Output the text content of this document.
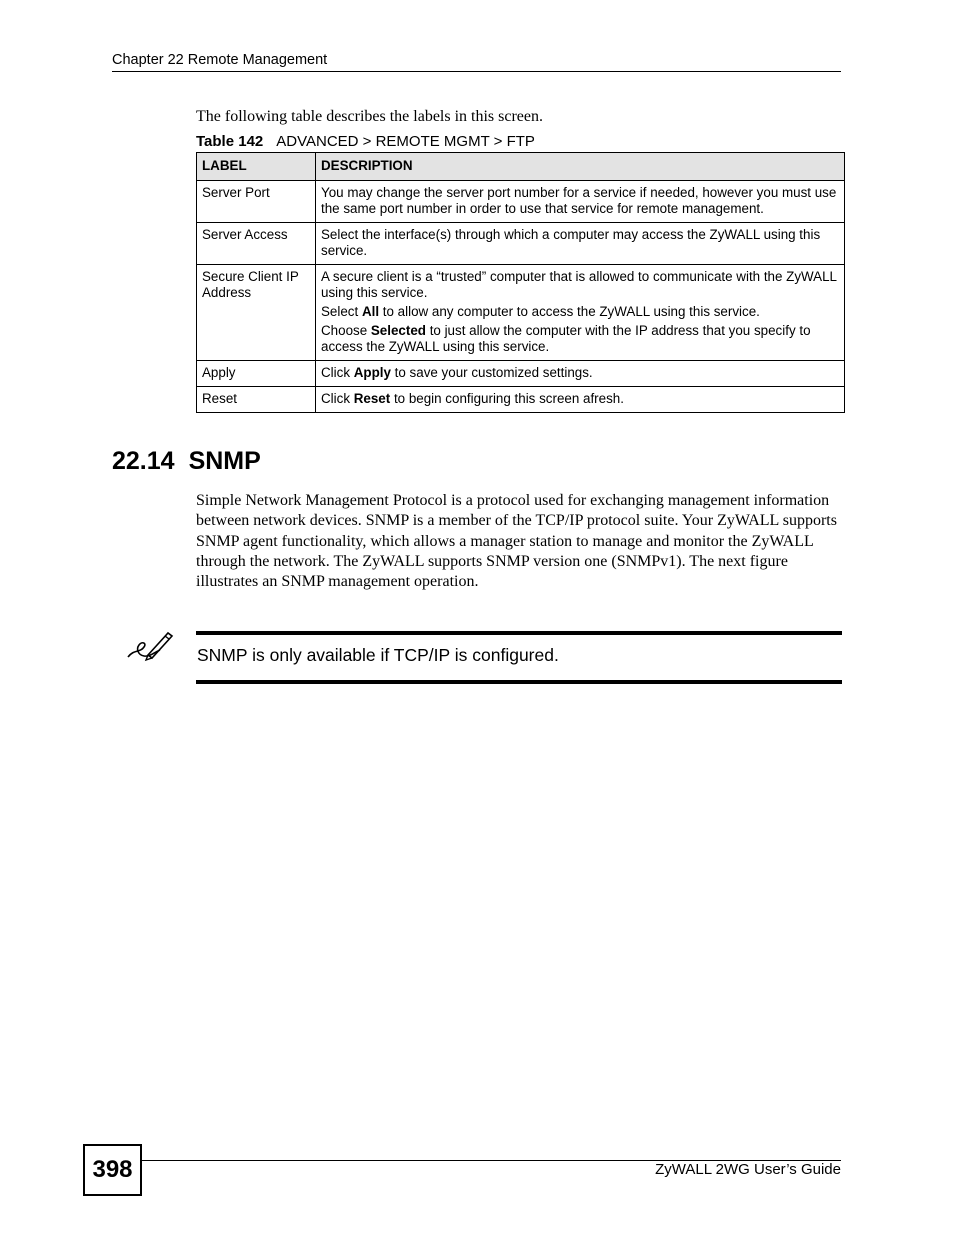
Chapter 22 Remote Management
The following table describes the labels in this screen.
Table 142 ADVANCED > REMOTE MGMT > FTP
LABEL	DESCRIPTION
Server Port	You may change the server port number for a service if needed, however you must use the same port number in order to use that service for remote management.

Server Access	Select the interface(s) through which a computer may access the ZyWALL using this service.

Secure Client IP Address	A secure client is a “trusted” computer that is allowed to communicate with the ZyWALL using this service.
Select All to allow any computer to access the ZyWALL using this service.
Choose Selected to just allow the computer with the IP address that you specify to access the ZyWALL using this service.

Apply	Click Apply to save your customized settings.

Reset	Click Reset to begin configuring this screen afresh.
22.14 SNMP

Simple Network Management Protocol is a protocol used for exchanging management information between network devices. SNMP is a member of the TCP/IP protocol suite. Your ZyWALL supports SNMP agent functionality, which allows a manager station to manage and monitor the ZyWALL through the network. The ZyWALL supports SNMP version one (SNMPv1). The next figure illustrates an SNMP management operation.

SNMP is only available if TCP/IP is configured.
398	ZyWALL 2WG User’s Guide
